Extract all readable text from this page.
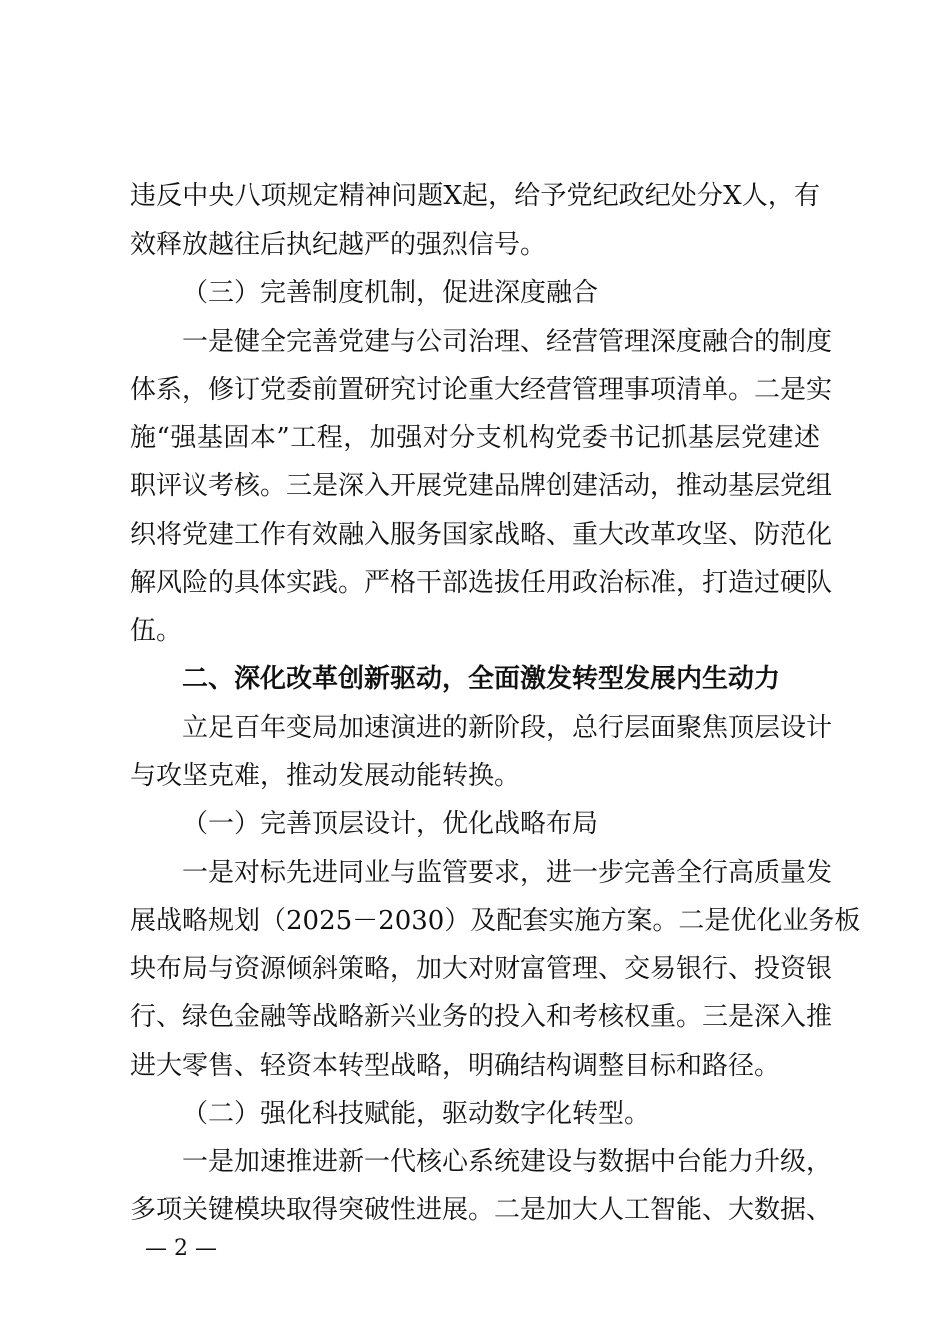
违反中央八项规定精神问题X起，给予党纪政纪处分X人，有
效释放越往后执纪越严的强烈信号。
（三）完善制度机制，促进深度融合
一是健全完善党建与公司治理、经营管理深度融合的制度
体系，修订党委前置研究讨论重大经营管理事项清单。二是实
施“强基固本”工程，加强对分支机构党委书记抓基层党建述
职评议考核。三是深入开展党建品牌创建活动，推动基层党组
织将党建工作有效融入服务国家战略、重大改革攻坚、防范化
解风险的具体实践。严格干部选拔任用政治标准，打造过硬队
伍。
二、深化改革创新驱动，全面激发转型发展内生动力
立足百年变局加速演进的新阶段，总行层面聚焦顶层设计
与攻坚克难，推动发展动能转换。
（一）完善顶层设计，优化战略布局
一是对标先进同业与监管要求，进一步完善全行高质量发
展战略规划（2025－2030）及配套实施方案。二是优化业务板
块布局与资源倾斜策略，加大对财富管理、交易银行、投资银
行、绿色金融等战略新兴业务的投入和考核权重。三是深入推
进大零售、轻资本转型战略，明确结构调整目标和路径。
（二）强化科技赋能，驱动数字化转型。
一是加速推进新一代核心系统建设与数据中台能力升级，
多项关键模块取得突破性进展。二是加大人工智能、大数据、
— 2 —
